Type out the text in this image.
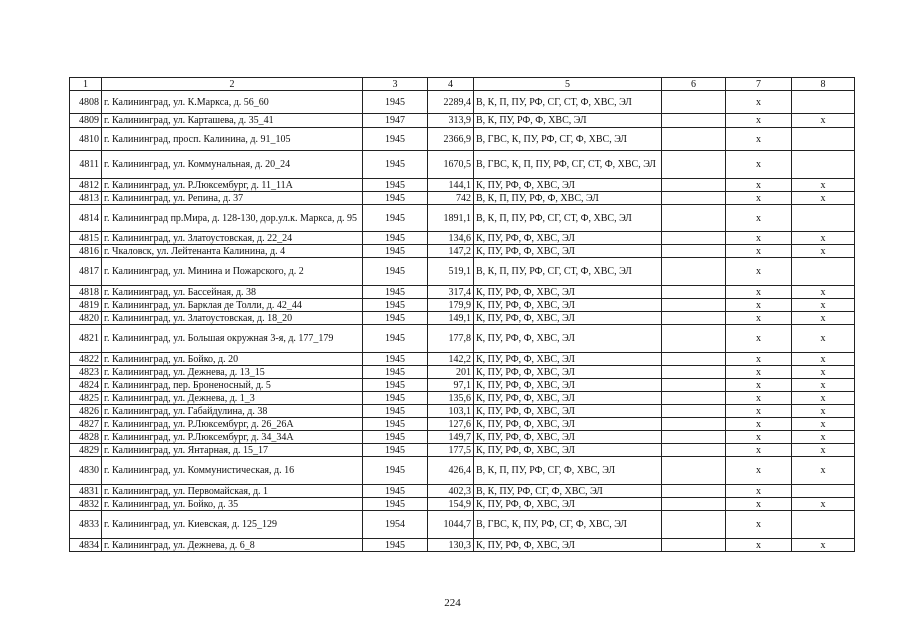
1	2	3	4	5	6	7	8
4808	г. Калининград, ул. К.Маркса, д. 56_60	1945	2289,4	В, К, П, ПУ, РФ, СГ, СТ, Ф, ХВС, ЭЛ		х	
4809	г. Калининград, ул. Карташева, д. 35_41	1947	313,9	В, К, ПУ, РФ, Ф, ХВС, ЭЛ		х	х
4810	г. Калининград, просп. Калинина, д. 91_105	1945	2366,9	В, ГВС, К, ПУ, РФ, СГ, Ф, ХВС, ЭЛ		х	
4811	г. Калининград, ул. Коммунальная, д. 20_24	1945	1670,5	В, ГВС, К, П, ПУ, РФ, СГ, СТ, Ф, ХВС, ЭЛ		х	
4812	г. Калининград, ул. Р.Люксембург, д. 11_11А	1945	144,1	К, ПУ, РФ, Ф, ХВС, ЭЛ		х	х
4813	г. Калининград, ул. Репина, д. 37	1945	742	В, К, П, ПУ, РФ, Ф, ХВС, ЭЛ		х	х
4814	г. Калининград пр.Мира, д. 128-130, дор.ул.к. Маркса, д. 95	1945	1891,1	В, К, П, ПУ, РФ, СГ, СТ, Ф, ХВС, ЭЛ		х	
4815	г. Калининград, ул. Златоустовская, д. 22_24	1945	134,6	К, ПУ, РФ, Ф, ХВС, ЭЛ		х	х
4816	г. Чкаловск, ул. Лейтенанта Калинина, д. 4	1945	147,2	К, ПУ, РФ, Ф, ХВС, ЭЛ		х	х
4817	г. Калининград, ул. Минина и Пожарского, д. 2	1945	519,1	В, К, П, ПУ, РФ, СГ, СТ, Ф, ХВС, ЭЛ		х	
4818	г. Калининград, ул. Бассейная, д. 38	1945	317,4	К, ПУ, РФ, Ф, ХВС, ЭЛ		х	х
4819	г. Калининград, ул. Барклая де Толли, д. 42_44	1945	179,9	К, ПУ, РФ, Ф, ХВС, ЭЛ		х	х
4820	г. Калининград, ул. Златоустовская, д. 18_20	1945	149,1	К, ПУ, РФ, Ф, ХВС, ЭЛ		х	х
4821	г. Калининград, ул. Большая окружная 3-я, д. 177_179	1945	177,8	К, ПУ, РФ, Ф, ХВС, ЭЛ		х	х
4822	г. Калининград, ул. Бойко, д. 20	1945	142,2	К, ПУ, РФ, Ф, ХВС, ЭЛ		х	х
4823	г. Калининград, ул. Дежнева, д. 13_15	1945	201	К, ПУ, РФ, Ф, ХВС, ЭЛ		х	х
4824	г. Калининград, пер. Броненосный, д. 5	1945	97,1	К, ПУ, РФ, Ф, ХВС, ЭЛ		х	х
4825	г. Калининград, ул. Дежнева, д. 1_3	1945	135,6	К, ПУ, РФ, Ф, ХВС, ЭЛ		х	х
4826	г. Калининград, ул. Габайдулина, д. 38	1945	103,1	К, ПУ, РФ, Ф, ХВС, ЭЛ		х	х
4827	г. Калининград, ул. Р.Люксембург, д. 26_26А	1945	127,6	К, ПУ, РФ, Ф, ХВС, ЭЛ		х	х
4828	г. Калининград, ул. Р.Люксембург, д. 34_34А	1945	149,7	К, ПУ, РФ, Ф, ХВС, ЭЛ		х	х
4829	г. Калининград, ул. Янтарная, д. 15_17	1945	177,5	К, ПУ, РФ, Ф, ХВС, ЭЛ		х	х
4830	г. Калининград, ул. Коммунистическая, д. 16	1945	426,4	В, К, П, ПУ, РФ, СГ, Ф, ХВС, ЭЛ		х	х
4831	г. Калининград, ул. Первомайская, д. 1	1945	402,3	В, К, ПУ, РФ, СГ, Ф, ХВС, ЭЛ		х	
4832	г. Калининград, ул. Бойко, д. 35	1945	154,9	К, ПУ, РФ, Ф, ХВС, ЭЛ		х	х
4833	г. Калининград, ул. Киевская, д. 125_129	1954	1044,7	В, ГВС, К, ПУ, РФ, СГ, Ф, ХВС, ЭЛ		х	
4834	г. Калининград, ул. Дежнева, д. 6_8	1945	130,3	К, ПУ, РФ, Ф, ХВС, ЭЛ		х	х
224
